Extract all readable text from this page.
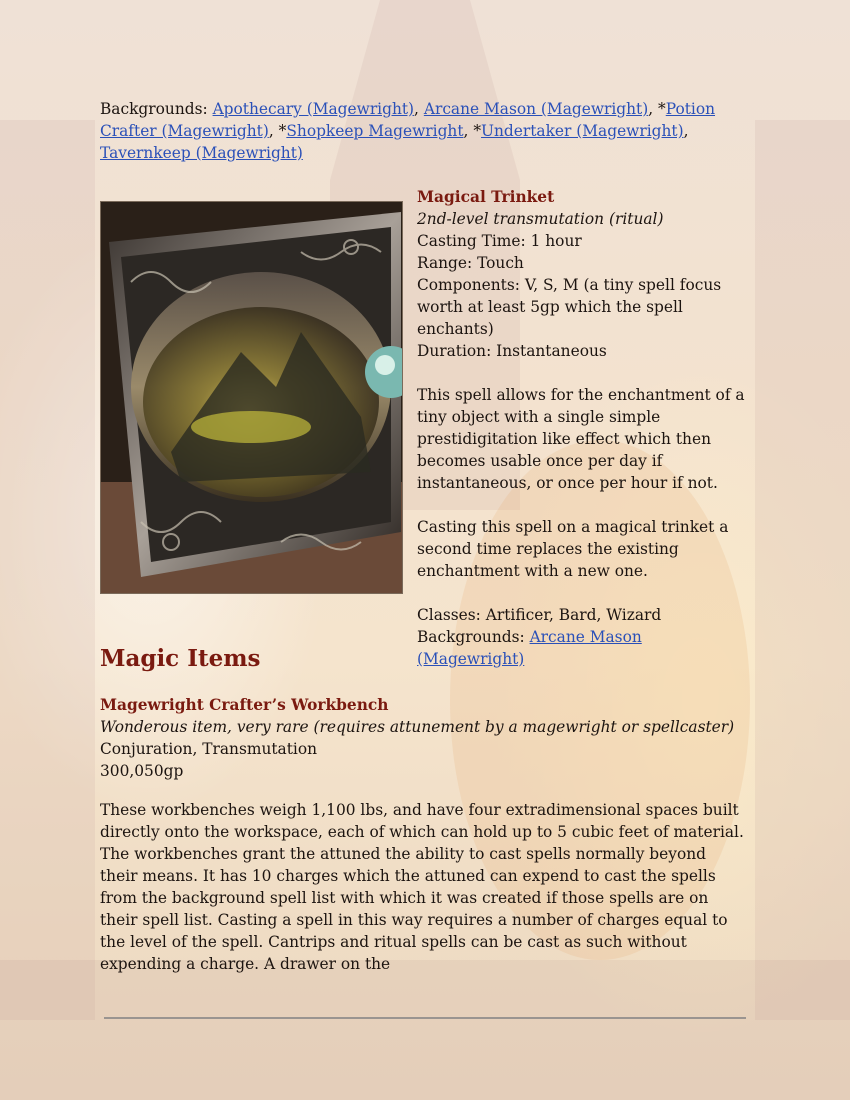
Backgrounds: Apothecary (Magewright), Arcane Mason (Magewright), *Potion Crafter (Magewright), *Shopkeep Magewright, *Undertaker (Magewright), Tavernkeep (Magewright)
Magical Trinket
2nd-level transmutation (ritual)
Casting Time: 1 hour
Range: Touch
Components: V, S, M (a tiny spell focus worth at least 5gp which the spell enchants)
Duration: Instantaneous
This spell allows for the enchantment of a tiny object with a single simple prestidigitation like effect which then becomes usable once per day if instantaneous, or once per hour if not.
Casting this spell on a magical trinket a second time replaces the existing enchantment with a new one.
Classes: Artificer, Bard, Wizard
Backgrounds: Arcane Mason (Magewright)
Magic Items
Magewright Crafter’s Workbench
Wonderous item, very rare (requires attunement by a magewright or spellcaster)
Conjuration, Transmutation
300,050gp
These workbenches weigh 1,100 lbs, and have four extradimensional spaces built directly onto the workspace, each of which can hold up to 5 cubic feet of material. The workbenches grant the attuned the ability to cast spells normally beyond their means. It has 10 charges which the attuned can expend to cast the spells from the background spell list with which it was created if those spells are on their spell list. Casting a spell in this way requires a number of charges equal to the level of the spell. Cantrips and ritual spells can be cast as such without expending a charge. A drawer on the
